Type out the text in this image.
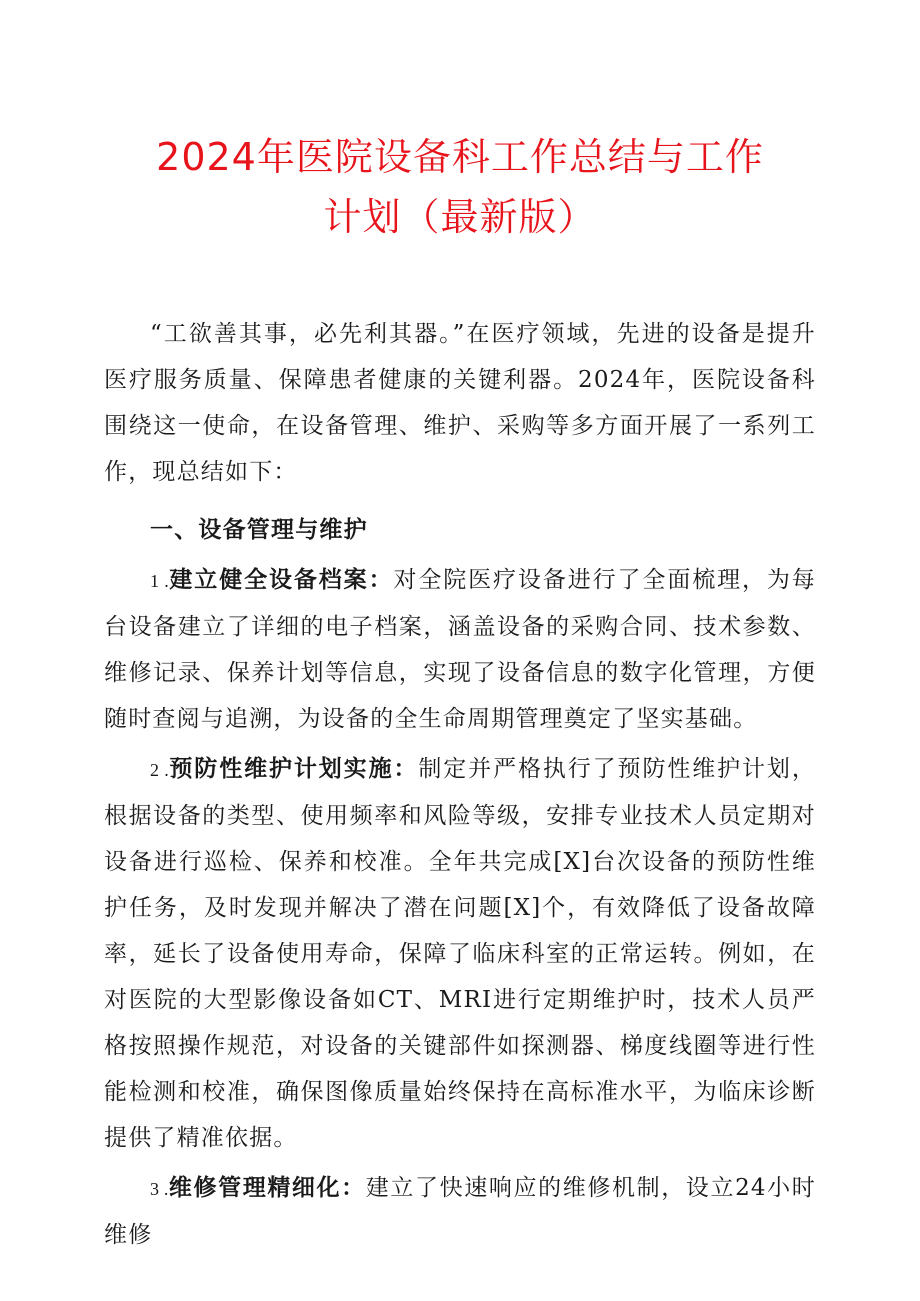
2024年医院设备科工作总结与工作
计划（最新版）

“工欲善其事，必先利其器。”在医疗领域，先进的设备是提升医疗服务质量、保障患者健康的关键利器。2024年，医院设备科围绕这一使命，在设备管理、维护、采购等多方面开展了一系列工作，现总结如下：

一、设备管理与维护

1 .建立健全设备档案：对全院医疗设备进行了全面梳理，为每台设备建立了详细的电子档案，涵盖设备的采购合同、技术参数、维修记录、保养计划等信息，实现了设备信息的数字化管理，方便随时查阅与追溯，为设备的全生命周期管理奠定了坚实基础。

2 .预防性维护计划实施：制定并严格执行了预防性维护计划，根据设备的类型、使用频率和风险等级，安排专业技术人员定期对设备进行巡检、保养和校准。全年共完成[X]台次设备的预防性维护任务，及时发现并解决了潜在问题[X]个，有效降低了设备故障率，延长了设备使用寿命，保障了临床科室的正常运转。例如，在对医院的大型影像设备如CT、MRI进行定期维护时，技术人员严格按照操作规范，对设备的关键部件如探测器、梯度线圈等进行性能检测和校准，确保图像质量始终保持在高标准水平，为临床诊断提供了精准依据。

3 .维修管理精细化：建立了快速响应的维修机制，设立24小时维修
